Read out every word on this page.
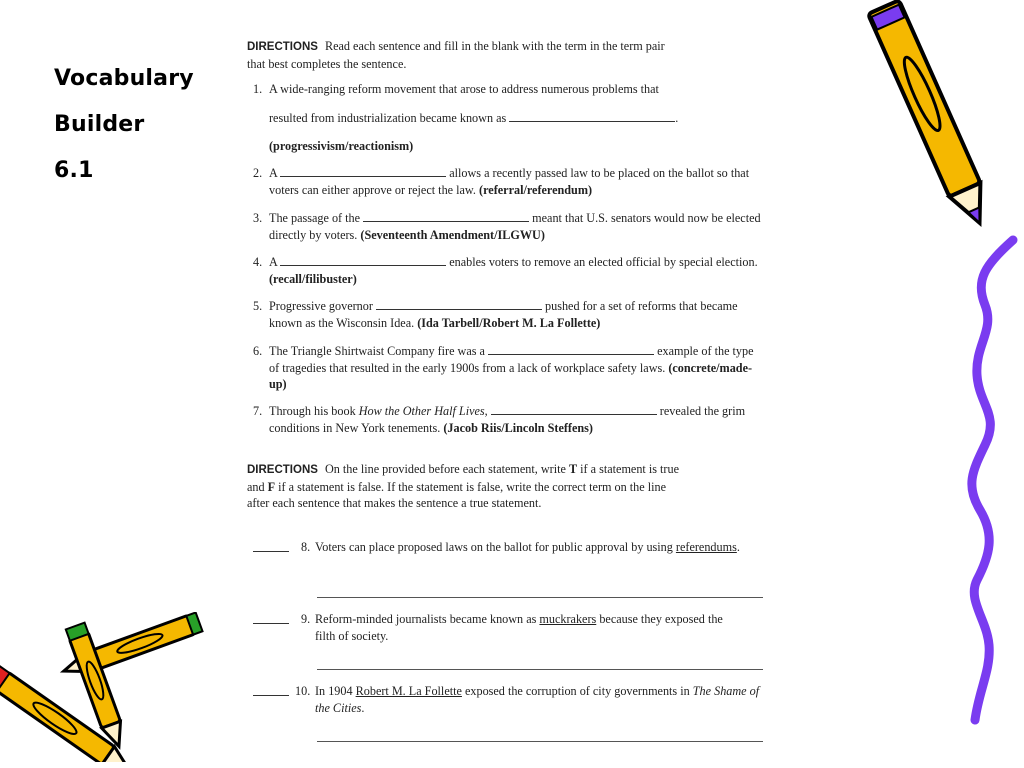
Vocabulary
Builder
6.1
DIRECTIONS Read each sentence and fill in the blank with the term in the term pair that best completes the sentence.
1. A wide-ranging reform movement that arose to address numerous problems that
resulted from industrialization became known as	.
(progressivism/reactionism)
2. A	allows a recently passed law to be placed on the ballot so that voters can either approve or reject the law. (referral/referendum)
3. The passage of the	meant that U.S. senators would now be elected directly by voters. (Seventeenth Amendment/ILGWU)
4. A	enables voters to remove an elected official by special election. (recall/filibuster)
5. Progressive governor	pushed for a set of reforms that became known as the Wisconsin Idea. (Ida Tarbell/Robert M. La Follette)
6. The Triangle Shirtwaist Company fire was a	example of the type of tragedies that resulted in the early 1900s from a lack of workplace safety laws. (concrete/made-up)
7. Through his book How the Other Half Lives,	revealed the grim conditions in New York tenements. (Jacob Riis/Lincoln Steffens)
DIRECTIONS On the line provided before each statement, write T if a statement is true and F if a statement is false. If the statement is false, write the correct term on the line after each sentence that makes the sentence a true statement.
8. Voters can place proposed laws on the ballot for public approval by using referendums.
9. Reform-minded journalists became known as muckrakers because they exposed the filth of society.
10. In 1904 Robert M. La Follette exposed the corruption of city governments in The Shame of the Cities.
